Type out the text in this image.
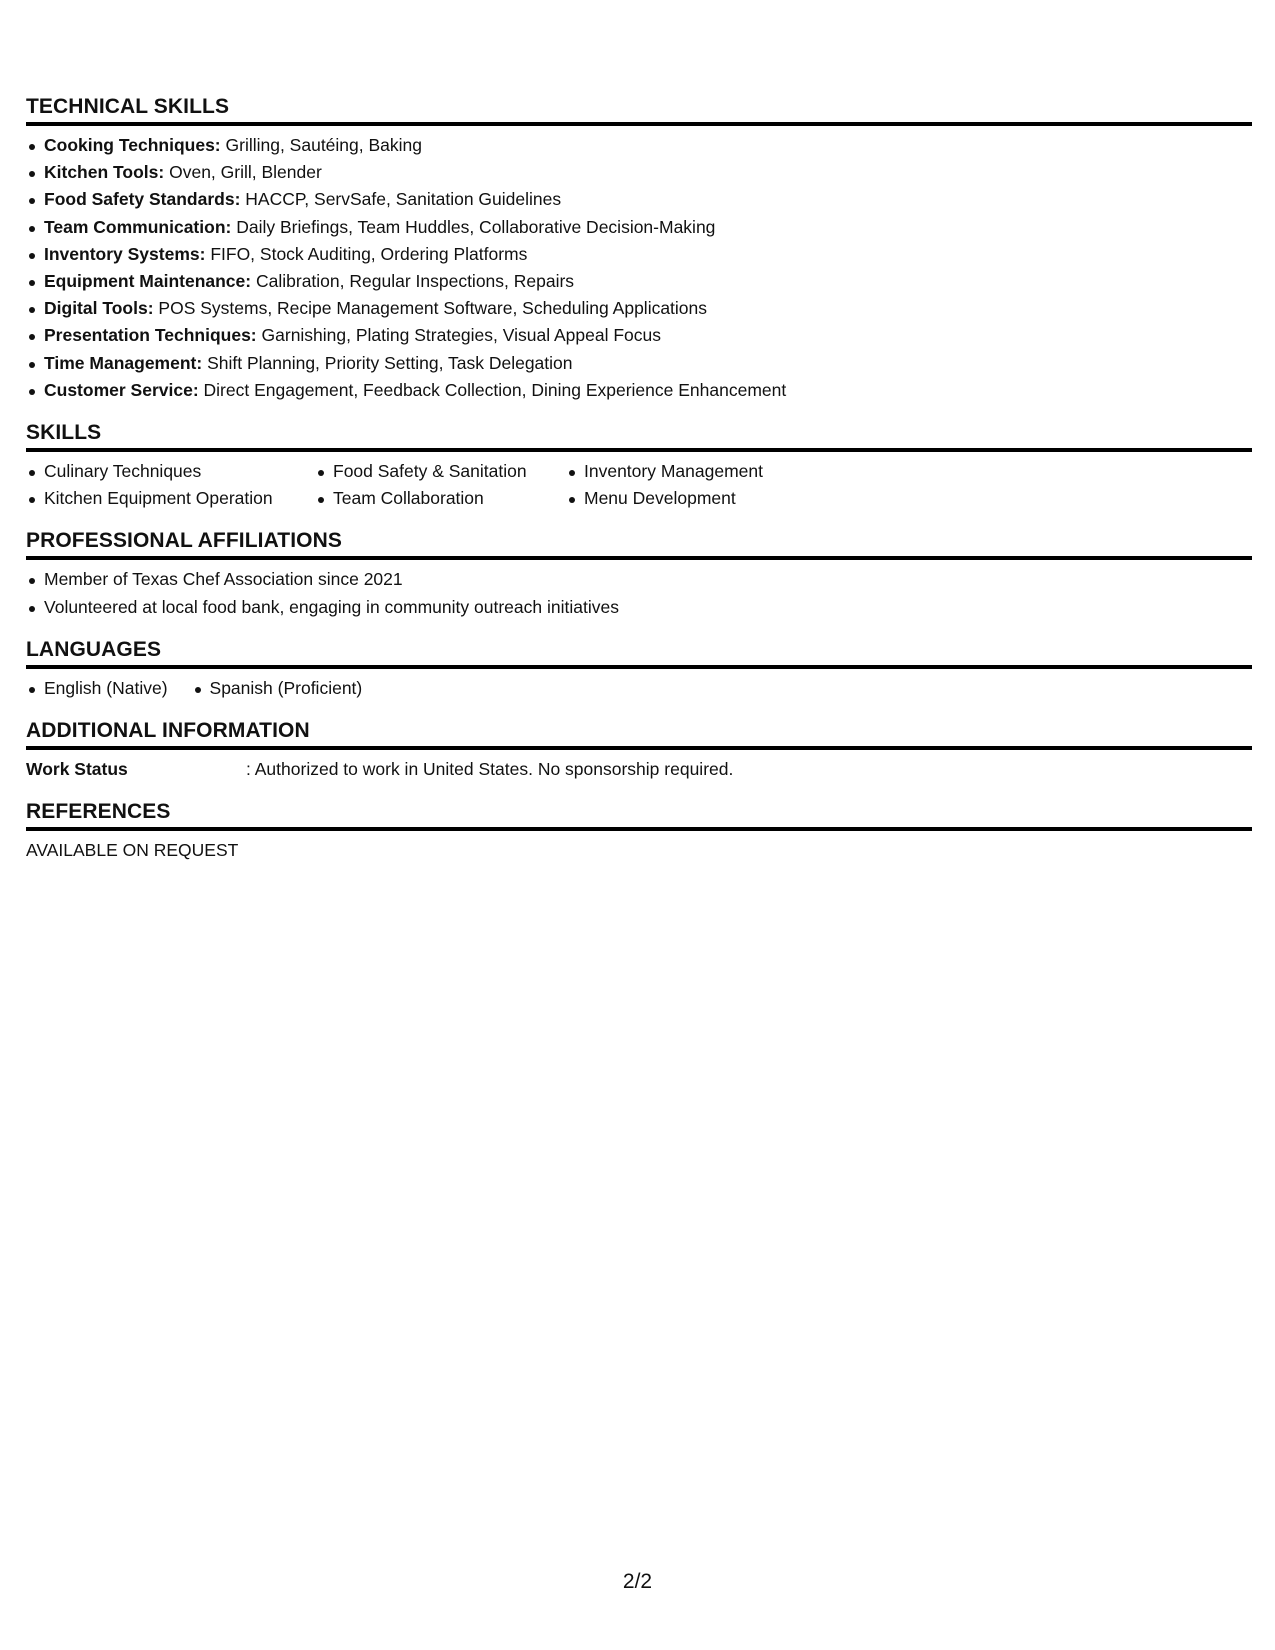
TECHNICAL SKILLS
Cooking Techniques: Grilling, Sautéing, Baking
Kitchen Tools: Oven, Grill, Blender
Food Safety Standards: HACCP, ServSafe, Sanitation Guidelines
Team Communication: Daily Briefings, Team Huddles, Collaborative Decision-Making
Inventory Systems: FIFO, Stock Auditing, Ordering Platforms
Equipment Maintenance: Calibration, Regular Inspections, Repairs
Digital Tools: POS Systems, Recipe Management Software, Scheduling Applications
Presentation Techniques: Garnishing, Plating Strategies, Visual Appeal Focus
Time Management: Shift Planning, Priority Setting, Task Delegation
Customer Service: Direct Engagement, Feedback Collection, Dining Experience Enhancement
SKILLS
Culinary Techniques	Food Safety & Sanitation	Inventory Management
Kitchen Equipment Operation	Team Collaboration	Menu Development
PROFESSIONAL AFFILIATIONS
Member of Texas Chef Association since 2021
Volunteered at local food bank, engaging in community outreach initiatives
LANGUAGES
English (Native)	Spanish (Proficient)
ADDITIONAL INFORMATION
Work Status	: Authorized to work in United States. No sponsorship required.
REFERENCES

AVAILABLE ON REQUEST

2/2
